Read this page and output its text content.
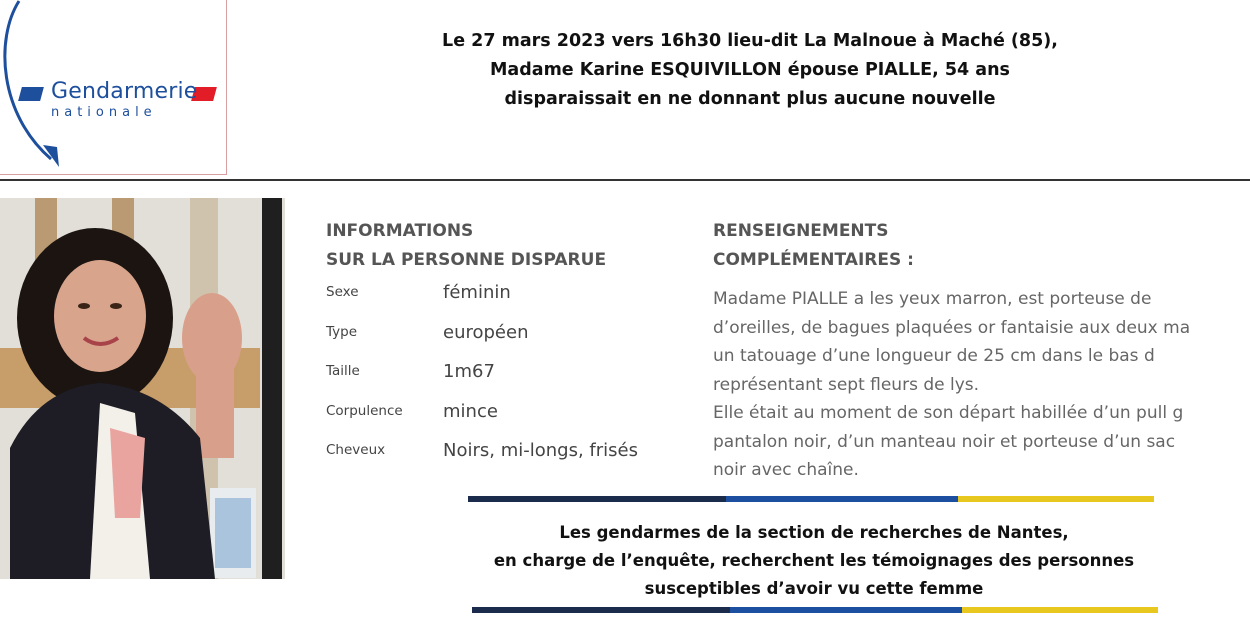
Gendarmerie
nationale
Le 27 mars 2023 vers 16h30 lieu-dit La Malnoue à Maché (85),
Madame Karine ESQUIVILLON épouse PIALLE, 54 ans
disparaissait en ne donnant plus aucune nouvelle
INFORMATIONS
SUR LA PERSONNE DISPARUE
Sexe	féminin
Type	européen
Taille	1m67
Corpulence	mince
Cheveux	Noirs, mi-longs, frisés
RENSEIGNEMENTS
COMPLÉMENTAIRES :
Madame PIALLE a les yeux marron, est porteuse de
d’oreilles, de bagues plaquées or fantaisie aux deux ma
un tatouage d’une longueur de 25 cm dans le bas d
représentant sept fleurs de lys.
Elle était au moment de son départ habillée d’un pull g
pantalon noir, d’un manteau noir et porteuse d’un sac
noir avec chaîne.
Les gendarmes de la section de recherches de Nantes,
en charge de l’enquête, recherchent les témoignages des personnes
susceptibles d’avoir vu cette femme
